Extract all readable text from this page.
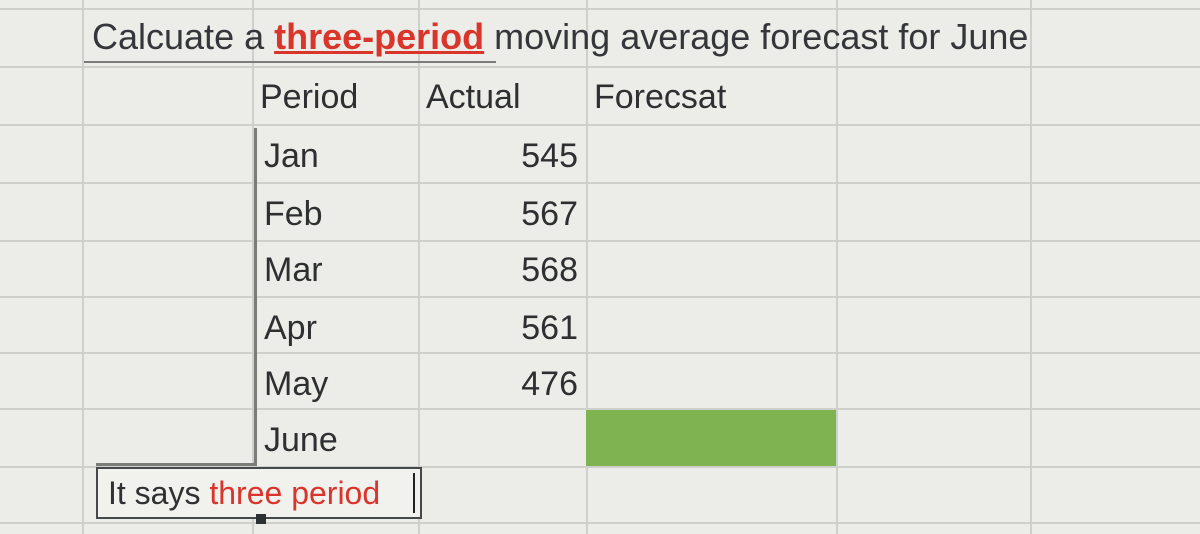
Calcuate a three-period moving average forecast for June
Period Actual Forecsat
Jan
Feb
Mar
Apr
May
June
545
567
568
561
476
It says three period
